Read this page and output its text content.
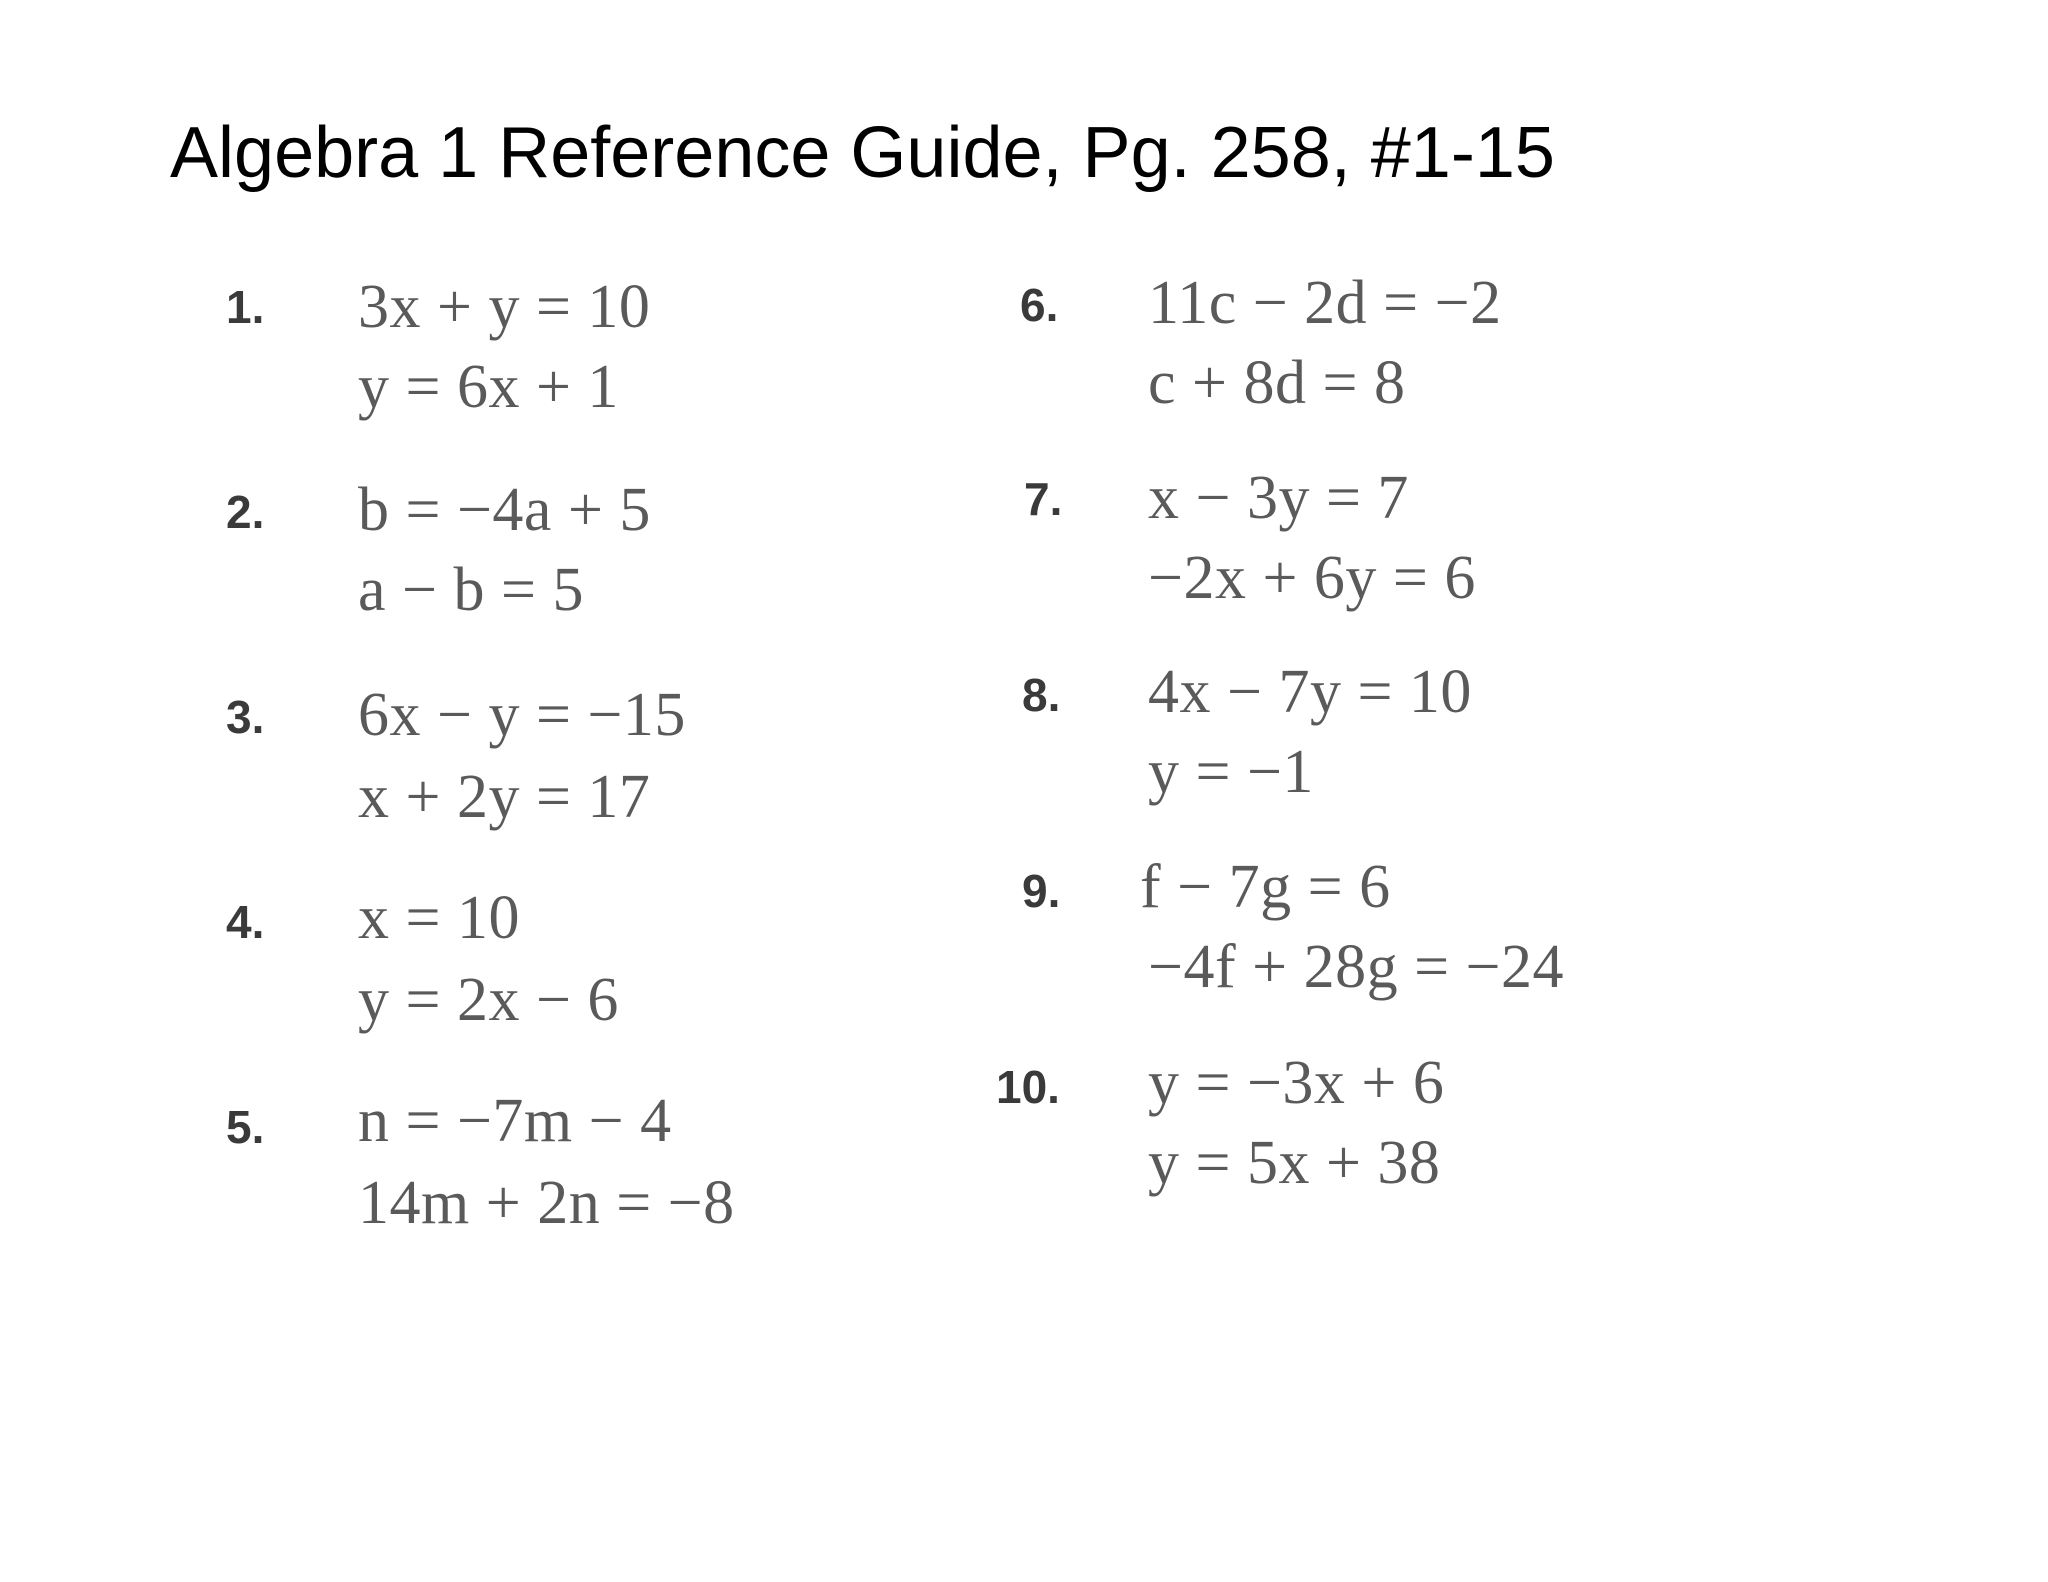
Algebra 1 Reference Guide, Pg. 258, #1-15
1. 3x + y = 10
y = 6x + 1
2. b = −4a + 5
a − b = 5
3. 6x − y = −15
x + 2y = 17
4. x = 10
y = 2x − 6
5. n = −7m − 4
14m + 2n = −8
6. 11c − 2d = −2
c + 8d = 8
7. x − 3y = 7
−2x + 6y = 6
8. 4x − 7y = 10
y = −1
9. f − 7g = 6
−4f + 28g = −24
10. y = −3x + 6
y = 5x + 38
